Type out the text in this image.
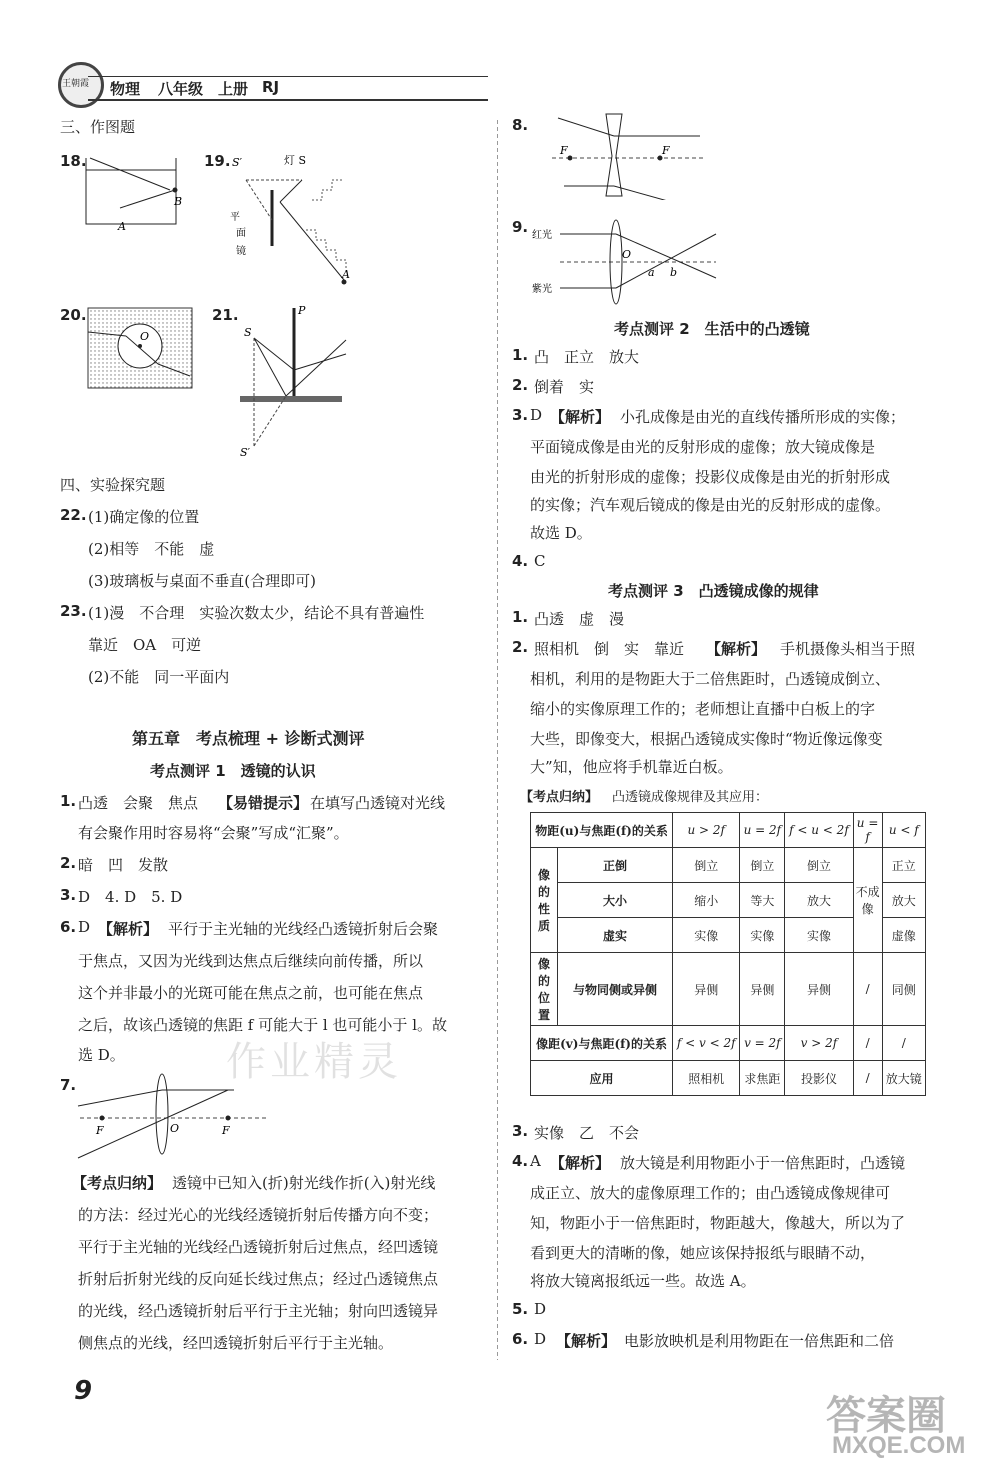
王朝霞 物理 八年级 上册 RJ
三、作图题
18.
A
B
19. S′	灯 S
A
平
面
镜
20.
O
21.	P
S
S′
四、实验探究题
22. (1)确定像的位置
(2)相等　不能　虚
(3)玻璃板与桌面不垂直(合理即可)
23. (1)漫　不合理　实验次数太少，结论不具有普遍性
靠近　OA　可逆
(2)不能　同一平面内
第五章　考点梳理 + 诊断式测评
考点测评 1　透镜的认识
1. 凸透　会聚　焦点 【易错提示】 在填写凸透镜对光线
有会聚作用时容易将“会聚”写成“汇聚”。
2. 暗　凹　发散
3. D　4. D　5. D
6. D 【解析】 平行于主光轴的光线经凸透镜折射后会聚
于焦点，又因为光线到达焦点后继续向前传播，所以
这个并非最小的光斑可能在焦点之前，也可能在焦点
之后，故该凸透镜的焦距 f 可能大于 l 也可能小于 l。故
选 D。	作业精灵
7.
F	O	F
【考点归纳】 透镜中已知入(折)射光线作折(入)射光线
的方法：经过光心的光线经透镜折射后传播方向不变；
平行于主光轴的光线经凸透镜折射后过焦点，经凹透镜
折射后折射光线的反向延长线过焦点；经过凸透镜焦点
的光线，经凸透镜折射后平行于主光轴；射向凹透镜异
侧焦点的光线，经凹透镜折射后平行于主光轴。
9
8.
F	F
9. 红光
紫光
O
a b
考点测评 2　生活中的凸透镜
1. 凸　正立　放大
2. 倒着　实
3. D 【解析】 小孔成像是由光的直线传播所形成的实像；
平面镜成像是由光的反射形成的虚像；放大镜成像是
由光的折射形成的虚像；投影仪成像是由光的折射形成
的实像；汽车观后镜成的像是由光的反射形成的虚像。
故选 D。
4. C
考点测评 3　凸透镜成像的规律
1. 凸透　虚　漫
2. 照相机　倒　实　靠近 【解析】 手机摄像头相当于照
相机，利用的是物距大于二倍焦距时，凸透镜成倒立、
缩小的实像原理工作的；老师想让直播中白板上的字
大些，即像变大，根据凸透镜成实像时“物近像远像变
大”知，他应将手机靠近白板。
【考点归纳】 凸透镜成像规律及其应用：
物距(u)与焦距(f)的关系		u > 2f	u = 2f	f < u < 2f	u = f	u < f
像的性质	正倒	倒立	倒立	倒立	不成像	正立
	大小	缩小	等大	放大		放大
	虚实	实像	实像	实像		虚像
像的位置	与物同侧或异侧	异侧	异侧	异侧	/	同侧
像距(v)与焦距(f)的关系		f < v < 2f	v = 2f	v > 2f	/	/
应用		照相机	求焦距	投影仪	/	放大镜
3. 实像　乙　不会
4. A 【解析】 放大镜是利用物距小于一倍焦距时，凸透镜
成正立、放大的虚像原理工作的；由凸透镜成像规律可
知，物距小于一倍焦距时，物距越大，像越大，所以为了
看到更大的清晰的像，她应该保持报纸与眼睛不动，
将放大镜离报纸远一些。故选 A。
5. D
6. D 【解析】 电影放映机是利用物距在一倍焦距和二倍
答案圈
MXQE.COM
